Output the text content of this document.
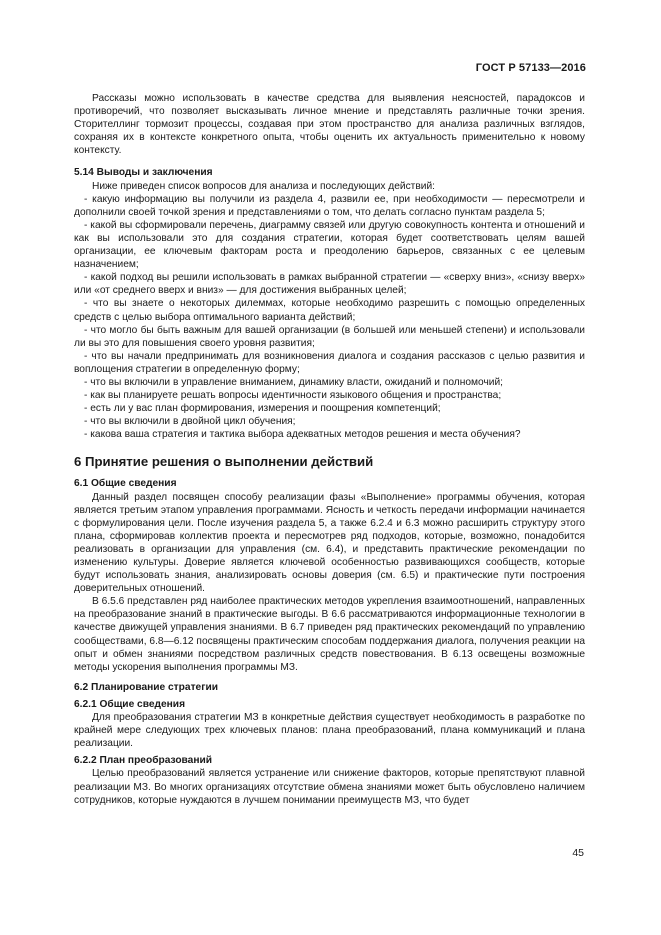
ГОСТ Р 57133—2016

Рассказы можно использовать в качестве средства для выявления неясностей, парадоксов и противоречий, что позволяет высказывать личное мнение и представлять различные точки зрения. Сторителлинг тормозит процессы, создавая при этом пространство для анализа различных взглядов, сохраняя их в контексте конкретного опыта, чтобы оценить их актуальность применительно к новому контексту.

5.14 Выводы и заключения

Ниже приведен список вопросов для анализа и последующих действий:

- какую информацию вы получили из раздела 4, развили ее, при необходимости — пересмотрели и дополнили своей точкой зрения и представлениями о том, что делать согласно пунктам раздела 5;
- какой вы сформировали перечень, диаграмму связей или другую совокупность контента и отношений и как вы использовали это для создания стратегии, которая будет соответствовать целям вашей организации, ее ключевым факторам роста и преодолению барьеров, связанных с ее целевым назначением;
- какой подход вы решили использовать в рамках выбранной стратегии — «сверху вниз», «снизу вверх» или «от среднего вверх и вниз» — для достижения выбранных целей;
- что вы знаете о некоторых дилеммах, которые необходимо разрешить с помощью определенных средств с целью выбора оптимального варианта действий;
- что могло бы быть важным для вашей организации (в большей или меньшей степени) и использовали ли вы это для повышения своего уровня развития;
- что вы начали предпринимать для возникновения диалога и создания рассказов с целью развития и воплощения стратегии в определенную форму;
- что вы включили в управление вниманием, динамику власти, ожиданий и полномочий;
- как вы планируете решать вопросы идентичности языкового общения и пространства;
- есть ли у вас план формирования, измерения и поощрения компетенций;
- что вы включили в двойной цикл обучения;
- какова ваша стратегия и тактика выбора адекватных методов решения и места обучения?

6 Принятие решения о выполнении действий

6.1 Общие сведения

Данный раздел посвящен способу реализации фазы «Выполнение» программы обучения, которая является третьим этапом управления программами. Ясность и четкость передачи информации начинается с формулирования цели. После изучения раздела 5, а также 6.2.4 и 6.3 можно расширить структуру этого плана, сформировав коллектив проекта и пересмотрев ряд подходов, которые, возможно, понадобится реализовать в организации для управления (см. 6.4), и представить практические рекомендации по изменению культуры. Доверие является ключевой особенностью развивающихся сообществ, которые будут использовать знания, анализировать основы доверия (см. 6.5) и практические пути построения доверительных отношений.

В 6.5.6 представлен ряд наиболее практических методов укрепления взаимоотношений, направленных на преобразование знаний в практические выгоды. В 6.6 рассматриваются информационные технологии в качестве движущей управления знаниями. В 6.7 приведен ряд практических рекомендаций по управлению сообществами, 6.8—6.12 посвящены практическим способам поддержания диалога, получения реакции на опыт и обмен знаниями посредством различных средств повествования. В 6.13 освещены возможные методы ускорения выполнения программы МЗ.

6.2 Планирование стратегии

6.2.1 Общие сведения

Для преобразования стратегии МЗ в конкретные действия существует необходимость в разработке по крайней мере следующих трех ключевых планов: плана преобразований, плана коммуникаций и плана реализации.

6.2.2 План преобразований

Целью преобразований является устранение или снижение факторов, которые препятствуют плавной реализации МЗ. Во многих организациях отсутствие обмена знаниями может быть обусловлено наличием сотрудников, которые нуждаются в лучшем понимании преимуществ МЗ, что будет

45
